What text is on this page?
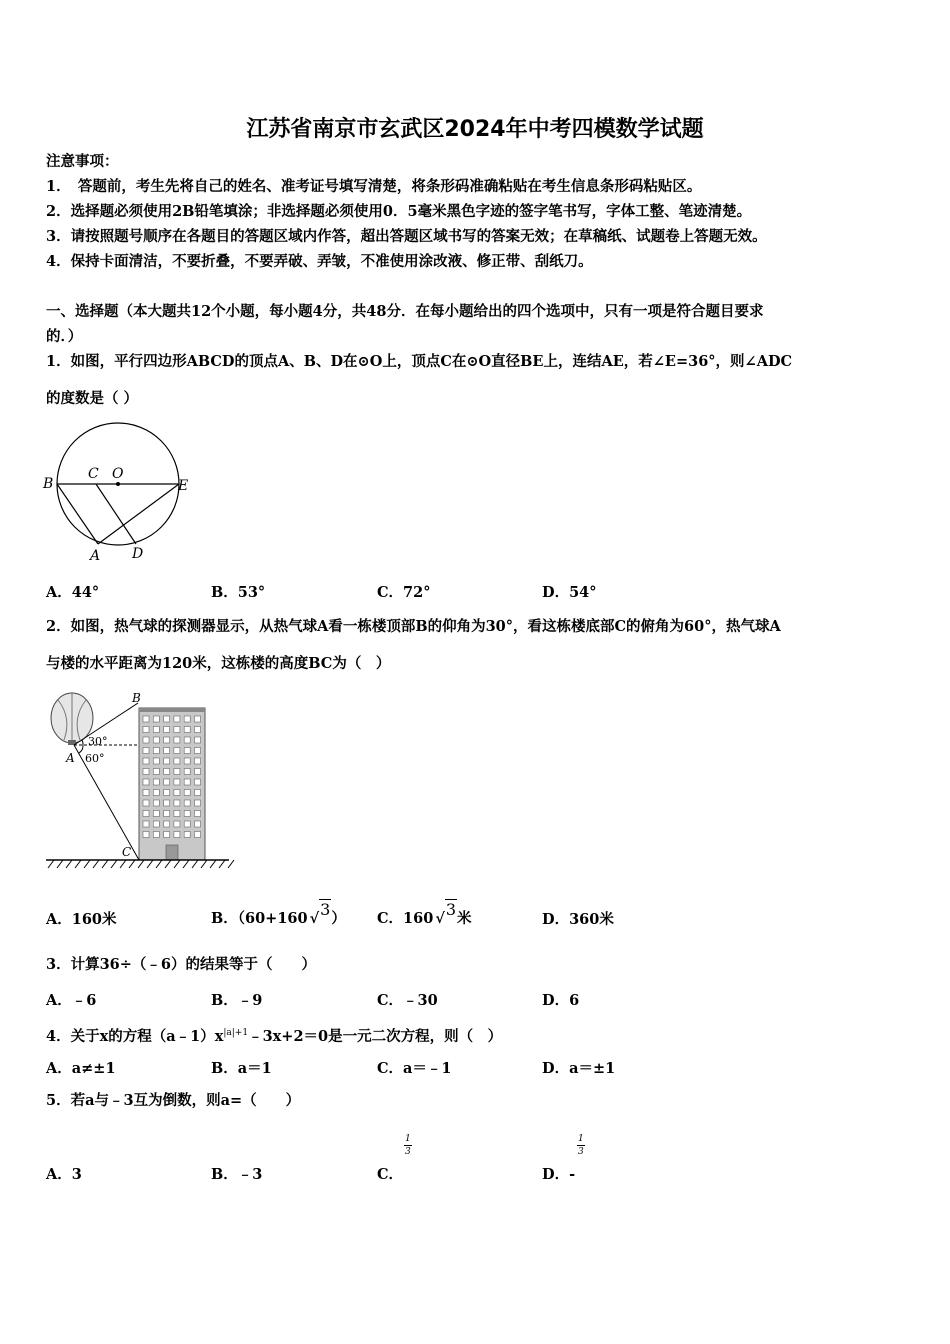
江苏省南京市玄武区2024年中考四模数学试题
注意事项：
1．　答题前，考生先将自己的姓名、准考证号填写清楚，将条形码准确粘贴在考生信息条形码粘贴区。
2．选择题必须使用2B铅笔填涂；非选择题必须使用0．5毫米黑色字迹的签字笔书写，字体工整、笔迹清楚。
3．请按照题号顺序在各题目的答题区域内作答，超出答题区域书写的答案无效；在草稿纸、试题卷上答题无效。
4．保持卡面清洁，不要折叠，不要弄破、弄皱，不准使用涂改液、修正带、刮纸刀。
一、选择题（本大题共12个小题，每小题4分，共48分．在每小题给出的四个选项中，只有一项是符合题目要求
的．）
1．如图，平行四边形ABCD的顶点A、B、D在⊙O上，顶点C在⊙O直径BE上，连结AE，若∠E=36°，则∠ADC
的度数是（ ）
B
C O
E
A D
A．44°	B．53°	C．72°	D．54°
2．如图，热气球的探测器显示，从热气球A看一栋楼顶部B的仰角为30°，看这栋楼底部C的俯角为60°，热气球A
与楼的水平距离为120米，这栋楼的高度BC为（　）
B
A
C
30°
60°
A．160米	B．（60+160 √3） C．160 √3米	D．360米
3．计算36÷（﹣6）的结果等于（　　）
A．﹣6	B．﹣9	C．﹣30	D．6
4．关于x的方程$(a﹣1)x^{|a|+1}﹣3x+2=0$是一元二次方程，则（　）
A．a≠±1	B．a＝1	C．a＝﹣1	D．a＝±1
5．若a与﹣3互为倒数，则a=（　　）
$\frac{1}{3}$	$\frac{1}{3}$
A．3	B．﹣3	C．	D．-
